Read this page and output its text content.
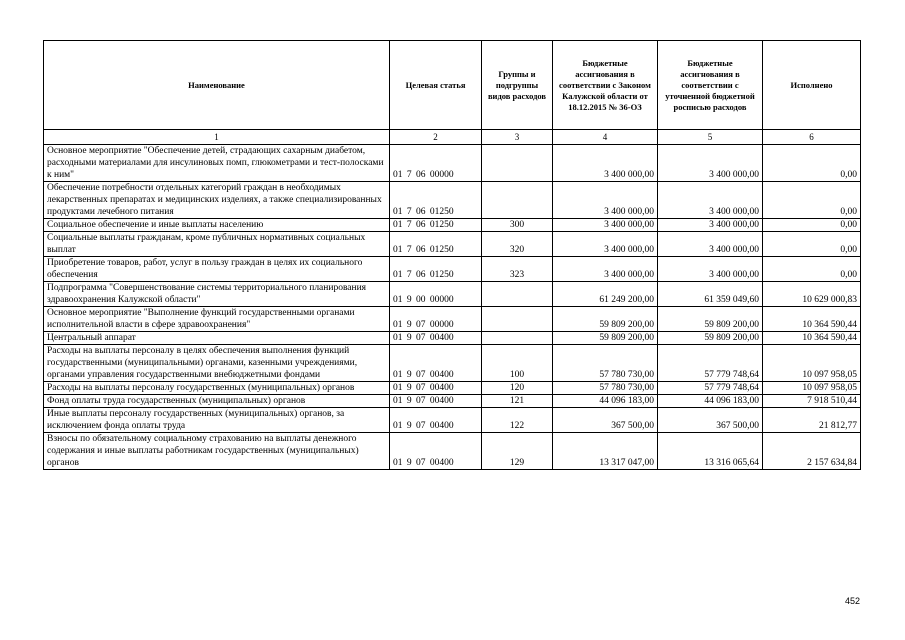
Наименование	Целевая статья	Группы и подгруппы видов расходов	Бюджетные ассигнования в соответствии с Законом Калужской области от 18.12.2015 № 36-ОЗ	Бюджетные ассигнования в соответствии с уточненной бюджетной росписью расходов	Исполнено
1	2	3	4	5	6
Основное мероприятие "Обеспечение детей, страдающих сахарным диабетом, расходными материалами для инсулиновых помп, глюкометрами и тест-полосками к ним"	01 7 06 00000		3 400 000,00	3 400 000,00	0,00
Обеспечение потребности отдельных категорий граждан в необходимых лекарственных препаратах и медицинских изделиях, а также специализированных продуктами лечебного питания	01 7 06 01250		3 400 000,00	3 400 000,00	0,00
Социальное обеспечение и иные выплаты населению	01 7 06 01250	300	3 400 000,00	3 400 000,00	0,00
Социальные выплаты гражданам, кроме публичных нормативных социальных выплат	01 7 06 01250	320	3 400 000,00	3 400 000,00	0,00
Приобретение товаров, работ, услуг в пользу граждан в целях их социального обеспечения	01 7 06 01250	323	3 400 000,00	3 400 000,00	0,00
Подпрограмма "Совершенствование системы территориального планирования здравоохранения Калужской области"	01 9 00 00000		61 249 200,00	61 359 049,60	10 629 000,83
Основное мероприятие "Выполнение функций государственными органами исполнительной власти в сфере здравоохранения"	01 9 07 00000		59 809 200,00	59 809 200,00	10 364 590,44
Центральный аппарат	01 9 07 00400		59 809 200,00	59 809 200,00	10 364 590,44
Расходы на выплаты персоналу в целях обеспечения выполнения функций государственными (муниципальными) органами, казенными учреждениями, органами управления государственными внебюджетными фондами	01 9 07 00400	100	57 780 730,00	57 779 748,64	10 097 958,05
Расходы на выплаты персоналу государственных (муниципальных) органов	01 9 07 00400	120	57 780 730,00	57 779 748,64	10 097 958,05
Фонд оплаты труда государственных (муниципальных) органов	01 9 07 00400	121	44 096 183,00	44 096 183,00	7 918 510,44
Иные выплаты персоналу государственных (муниципальных) органов, за исключением фонда оплаты труда	01 9 07 00400	122	367 500,00	367 500,00	21 812,77
Взносы по обязательному социальному страхованию на выплаты денежного содержания и иные выплаты работникам государственных (муниципальных) органов	01 9 07 00400	129	13 317 047,00	13 316 065,64	2 157 634,84
452
